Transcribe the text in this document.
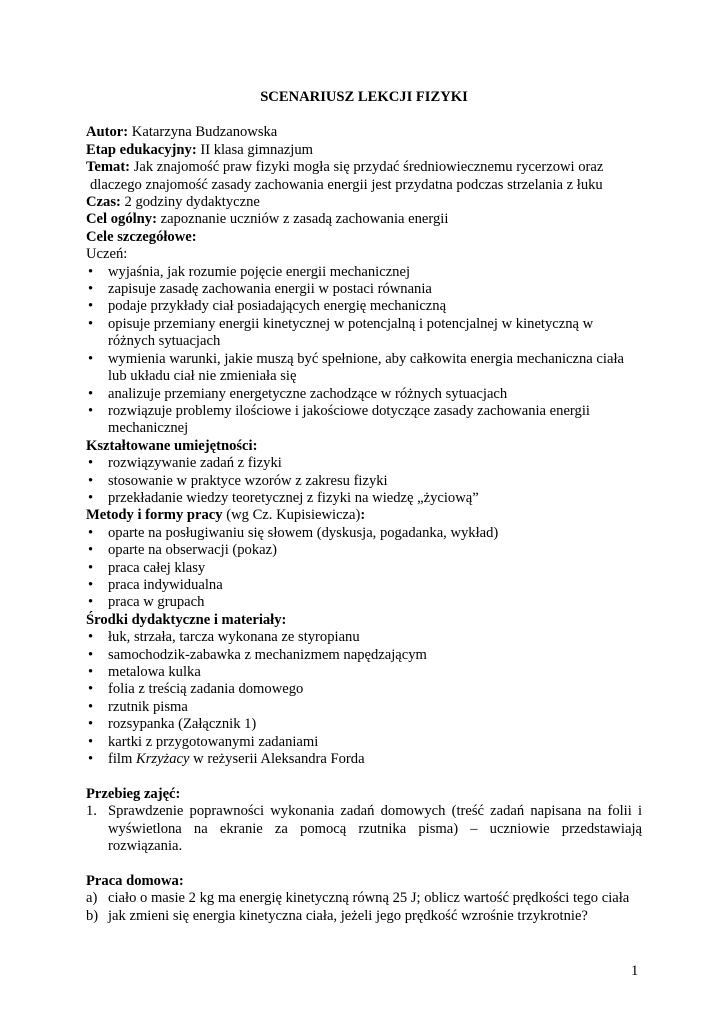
SCENARIUSZ LEKCJI FIZYKI

Autor: Katarzyna Budzanowska

Etap edukacyjny: II klasa gimnazjum

Temat: Jak znajomość praw fizyki mogła się przydać średniowiecznemu rycerzowi oraz

dlaczego znajomość zasady zachowania energii jest przydatna podczas strzelania z łuku

Czas: 2 godziny dydaktyczne

Cel ogólny: zapoznanie uczniów z zasadą zachowania energii

Cele szczegółowe:

Uczeń:

• wyjaśnia, jak rozumie pojęcie energii mechanicznej
• zapisuje zasadę zachowania energii w postaci równania
• podaje przykłady ciał posiadających energię mechaniczną
• opisuje przemiany energii kinetycznej w potencjalną i potencjalnej w kinetyczną w różnych sytuacjach
• wymienia warunki, jakie muszą być spełnione, aby całkowita energia mechaniczna ciała lub układu ciał nie zmieniała się
• analizuje przemiany energetyczne zachodzące w różnych sytuacjach
• rozwiązuje problemy ilościowe i jakościowe dotyczące zasady zachowania energii mechanicznej

Kształtowane umiejętności:

• rozwiązywanie zadań z fizyki
• stosowanie w praktyce wzorów z zakresu fizyki
• przekładanie wiedzy teoretycznej z fizyki na wiedzę „życiową”

Metody i formy pracy (wg Cz. Kupisiewicza):

• oparte na posługiwaniu się słowem (dyskusja, pogadanka, wykład)
• oparte na obserwacji (pokaz)
• praca całej klasy
• praca indywidualna
• praca w grupach

Środki dydaktyczne i materiały:

• łuk, strzała, tarcza wykonana ze styropianu
• samochodzik-zabawka z mechanizmem napędzającym
• metalowa kulka
• folia z treścią zadania domowego
• rzutnik pisma
• rozsypanka (Załącznik 1)
• kartki z przygotowanymi zadaniami
• film Krzyżacy w reżyserii Aleksandra Forda

Przebieg zajęć:

1. Sprawdzenie poprawności wykonania zadań domowych (treść zadań napisana na folii i wyświetlona na ekranie za pomocą rzutnika pisma) – uczniowie przedstawiają rozwiązania.

Praca domowa:

a) ciało o masie 2 kg ma energię kinetyczną równą 25 J; oblicz wartość prędkości tego ciała
b) jak zmieni się energia kinetyczna ciała, jeżeli jego prędkość wzrośnie trzykrotnie?
1
